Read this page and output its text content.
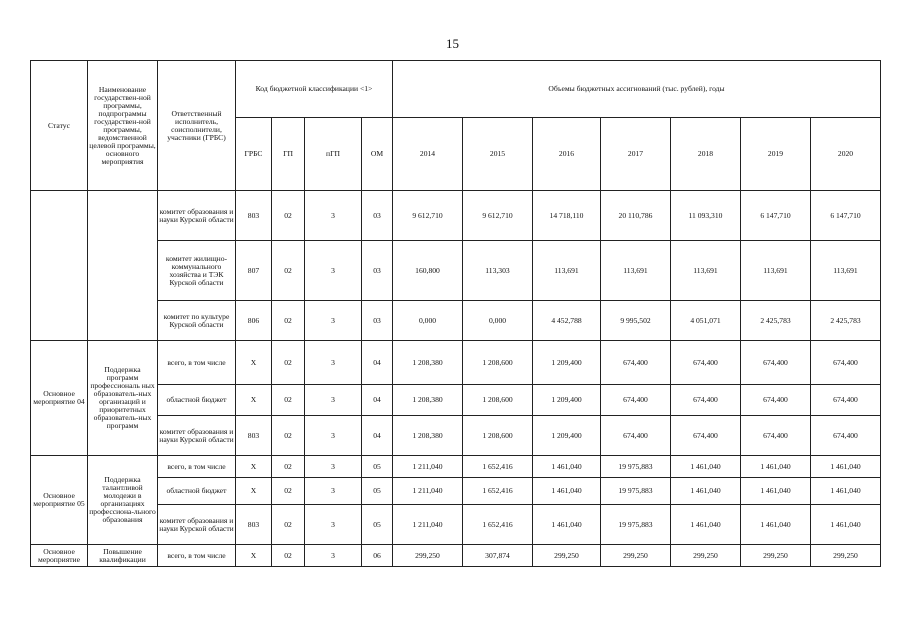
15
Статус	Наименование государствен-ной программы, подпрограммы государствен-ной программы, ведомственной целевой программы, основного мероприятия	Ответственный исполнитель, соисполнители, участники (ГРБС)	Код бюджетной классификации <1>				Объемы бюджетных ассигнований (тыс. рублей), годы						
			ГРБС	ГП	пГП	ОМ	2014	2015	2016	2017	2018	2019	2020
		комитет образования и науки Курской области	803	02	3	03	9 612,710	9 612,710	14 718,110	20 110,786	11 093,310	6 147,710	6 147,710
		комитет жилищно-коммунального хозяйства и ТЭК Курской области	807	02	3	03	160,800	113,303	113,691	113,691	113,691	113,691	113,691
		комитет по культуре Курской области	806	02	3	03	0,000	0,000	4 452,788	9 995,502	4 051,071	2 425,783	2 425,783
Основное мероприятие 04	Поддержка программ профессиональ ных образователь-ных организаций и приоритетных образователь-ных программ	всего, в том числе	Х	02	3	04	1 208,380	1 208,600	1 209,400	674,400	674,400	674,400	674,400
		областной бюджет	Х	02	3	04	1 208,380	1 208,600	1 209,400	674,400	674,400	674,400	674,400
		комитет образования и науки Курской области	803	02	3	04	1 208,380	1 208,600	1 209,400	674,400	674,400	674,400	674,400
Основное мероприятие 05	Поддержка талантливой молодежи в организациях профессиона-льного образования	всего, в том числе	Х	02	3	05	1 211,040	1 652,416	1 461,040	19 975,883	1 461,040	1 461,040	1 461,040
		областной бюджет	Х	02	3	05	1 211,040	1 652,416	1 461,040	19 975,883	1 461,040	1 461,040	1 461,040
		комитет образования и науки Курской области	803	02	3	05	1 211,040	1 652,416	1 461,040	19 975,883	1 461,040	1 461,040	1 461,040
Основное мероприятие	Повышение квалификации	всего, в том числе	Х	02	3	06	299,250	307,874	299,250	299,250	299,250	299,250	299,250
